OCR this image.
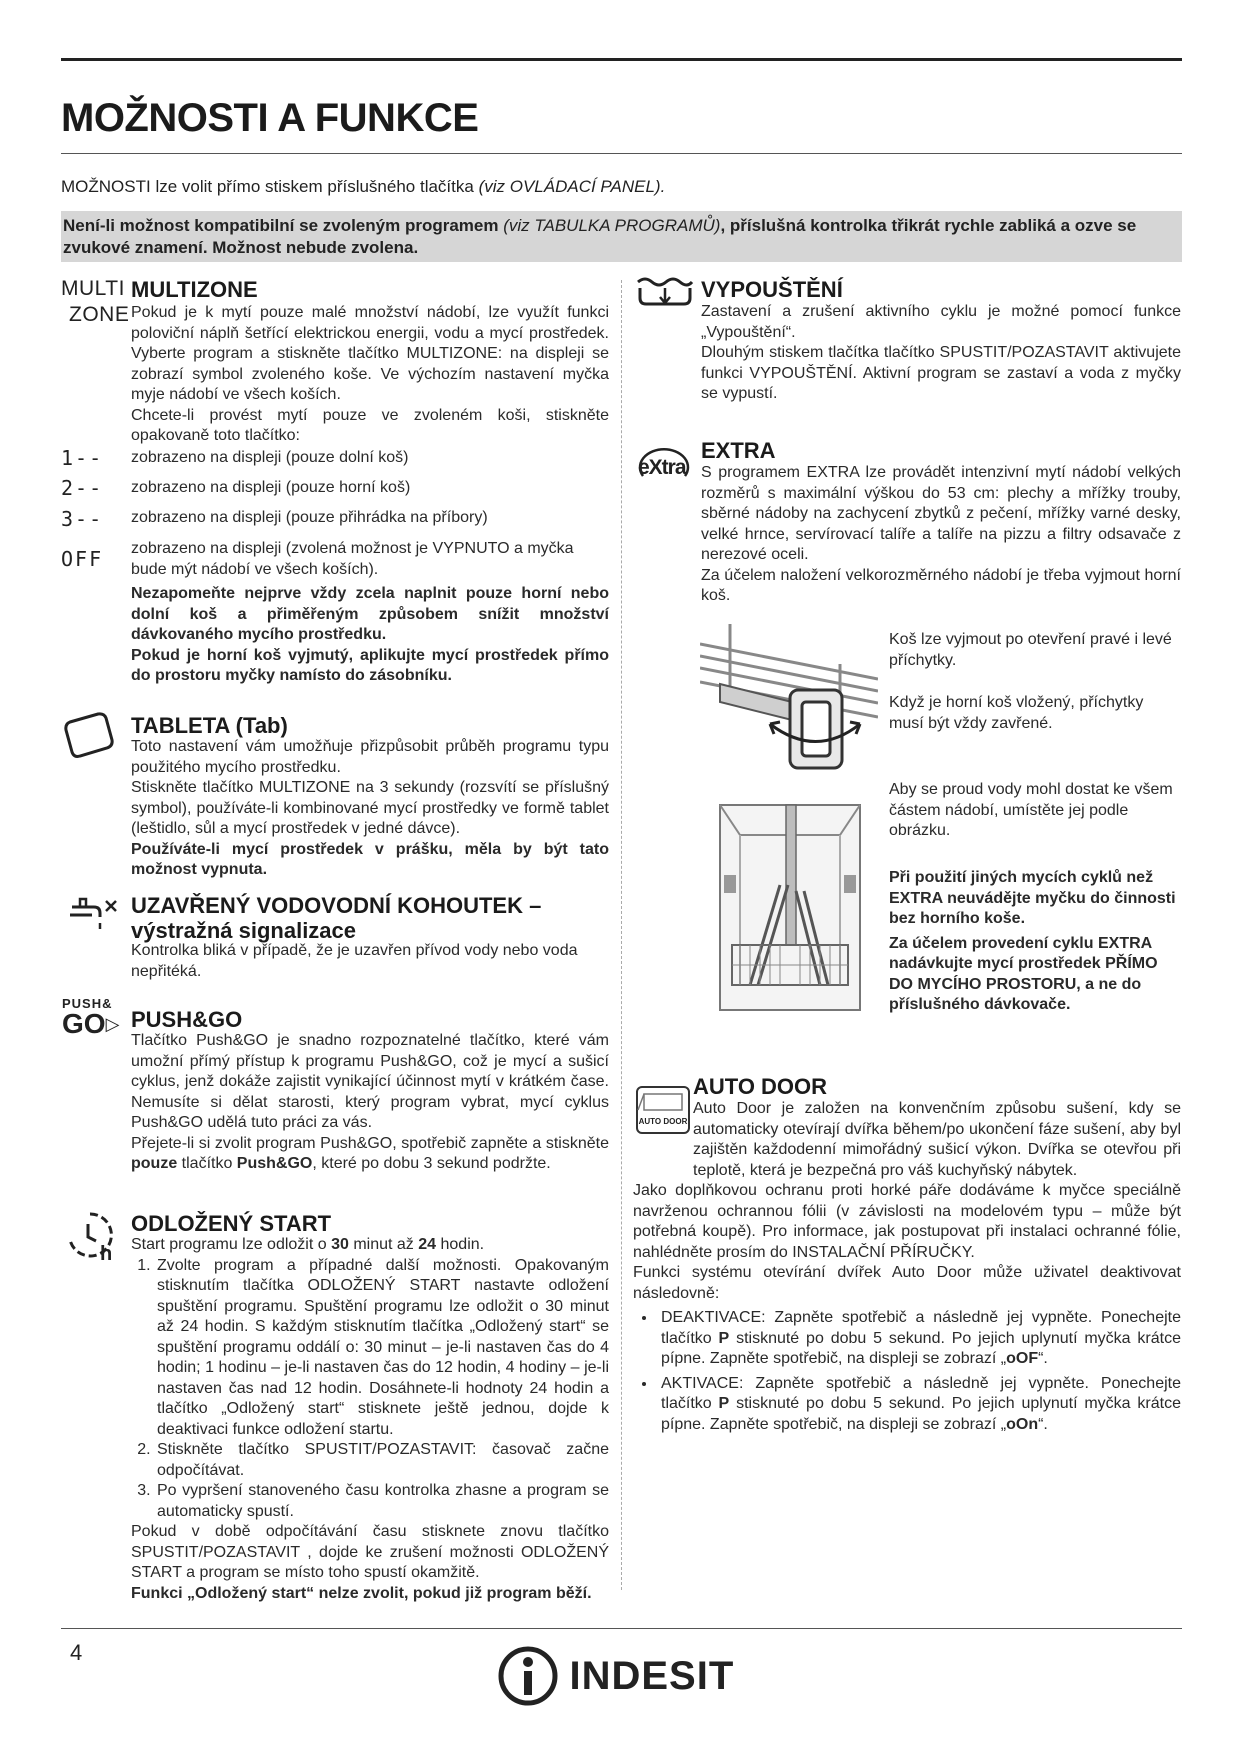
MOŽNOSTI A FUNKCE
MOŽNOSTI lze volit přímo stiskem příslušného tlačítka (viz OVLÁDACÍ PANEL).
Není-li možnost kompatibilní se zvoleným programem (viz TABULKA PROGRAMŮ), příslušná kontrolka třikrát rychle zabliká a ozve se zvukové znamení. Možnost nebude zvolena.
MULTI
ZONE
MULTIZONE
Pokud je k mytí pouze malé množství nádobí, lze využít funkci poloviční náplň šetřící elektrickou energii, vodu a mycí prostředek. Vyberte program a stiskněte tlačítko MULTIZONE: na displeji se zobrazí symbol zvoleného koše. Ve výchozím nastavení myčka myje nádobí ve všech koších.
Chcete-li provést mytí pouze ve zvoleném koši, stiskněte opakovaně toto tlačítko:
1-- zobrazeno na displeji (pouze dolní koš)
2-- zobrazeno na displeji (pouze horní koš)
3-- zobrazeno na displeji (pouze přihrádka na příbory)
OFF zobrazeno na displeji (zvolená možnost je VYPNUTO a myčka bude mýt nádobí ve všech koších).
Nezapomeňte nejprve vždy zcela naplnit pouze horní nebo dolní koš a přiměřeným způsobem snížit množství dávkovaného mycího prostředku.
Pokud je horní koš vyjmutý, aplikujte mycí prostředek přímo do prostoru myčky namísto do zásobníku.
TABLETA (Tab)
Toto nastavení vám umožňuje přizpůsobit průběh programu typu použitého mycího prostředku.
Stiskněte tlačítko MULTIZONE na 3 sekundy (rozsvítí se příslušný symbol), používáte-li kombinované mycí prostředky ve formě tablet (leštidlo, sůl a mycí prostředek v jedné dávce).
Používáte-li mycí prostředek v prášku, měla by být tato možnost vypnuta.
UZAVŘENÝ VODOVODNÍ KOHOUTEK –
výstražná signalizace
Kontrolka bliká v případě, že je uzavřen přívod vody nebo voda nepřitéká.
PUSH&
GO▷ PUSH&GO
Tlačítko Push&GO je snadno rozpoznatelné tlačítko, které vám umožní přímý přístup k programu Push&GO, což je mycí a sušicí cyklus, jenž dokáže zajistit vynikající účinnost mytí v krátkém čase. Nemusíte si dělat starosti, který program vybrat, mycí cyklus Push&GO udělá tuto práci za vás.
Přejete-li si zvolit program Push&GO, spotřebič zapněte a stiskněte pouze tlačítko Push&GO, které po dobu 3 sekund podržte.
h
ODLOŽENÝ START
Start programu lze odložit o 30 minut až 24 hodin.
1. Zvolte program a případné další možnosti. Opakovaným stisknutím tlačítka ODLOŽENÝ START nastavte odložení spuštění programu. Spuštění programu lze odložit o 30 minut až 24 hodin. S každým stisknutím tlačítka „Odložený start“ se spuštění programu oddálí o: 30 minut – je-li nastaven čas do 4 hodin; 1 hodinu – je-li nastaven čas do 12 hodin, 4 hodiny – je-li nastaven čas nad 12 hodin. Dosáhnete-li hodnoty 24 hodin a tlačítko „Odložený start“ stisknete ještě jednou, dojde k deaktivaci funkce odložení startu.
2. Stiskněte tlačítko SPUSTIT/POZASTAVIT: časovač začne odpočítávat.
3. Po vypršení stanoveného času kontrolka zhasne a program se automaticky spustí.
Pokud v době odpočítávání času stisknete znovu tlačítko SPUSTIT/POZASTAVIT , dojde ke zrušení možnosti ODLOŽENÝ START a program se místo toho spustí okamžitě.
Funkci „Odložený start“ nelze zvolit, pokud již program běží.
VYPOUŠTĚNÍ
Zastavení a zrušení aktivního cyklu je možné pomocí funkce „Vypouštění“.
Dlouhým stiskem tlačítka tlačítko SPUSTIT/POZASTAVIT aktivujete funkci VYPOUŠTĚNÍ. Aktivní program se zastaví a voda z myčky se vypustí.
eXtra
EXTRA
S programem EXTRA lze provádět intenzivní mytí nádobí velkých rozměrů s maximální výškou do 53 cm: plechy a mřížky trouby, sběrné nádoby na zachycení zbytků z pečení, mřížky varné desky, velké hrnce, servírovací talíře a talíře na pizzu a filtry odsavače z nerezové oceli.
Za účelem naložení velkorozměrného nádobí je třeba vyjmout horní koš.
Koš lze vyjmout po otevření pravé i levé příchytky.
Když je horní koš vložený, příchytky musí být vždy zavřené.
Aby se proud vody mohl dostat ke všem částem nádobí, umístěte jej podle obrázku.
Při použití jiných mycích cyklů než EXTRA neuvádějte myčku do činnosti bez horního koše.
Za účelem provedení cyklu EXTRA nadávkujte mycí prostředek PŘÍMO DO MYCÍHO PROSTORU, a ne do příslušného dávkovače.
AUTO DOOR
AUTO DOOR
Auto Door je založen na konvenčním způsobu sušení, kdy se automaticky otevírají dvířka během/po ukončení fáze sušení, aby byl zajištěn každodenní mimořádný sušicí výkon. Dvířka se otevřou při teplotě, která je bezpečná pro váš kuchyňský nábytek.
Jako doplňkovou ochranu proti horké páře dodáváme k myčce speciálně navrženou ochrannou fólii (v závislosti na modelovém typu – může být potřebná koupě). Pro informace, jak postupovat při instalaci ochranné fólie, nahlédněte prosím do INSTALAČNÍ PŘÍRUČKY.
Funkci systému otevírání dvířek Auto Door může uživatel deaktivovat následovně:
• DEAKTIVACE: Zapněte spotřebič a následně jej vypněte. Ponechejte tlačítko P stisknuté po dobu 5 sekund. Po jejich uplynutí myčka krátce pípne. Zapněte spotřebič, na displeji se zobrazí „oOF“.
• AKTIVACE: Zapněte spotřebič a následně jej vypněte. Ponechejte tlačítko P stisknuté po dobu 5 sekund. Po jejich uplynutí myčka krátce pípne. Zapněte spotřebič, na displeji se zobrazí „oOn“.
4
INDESIT
